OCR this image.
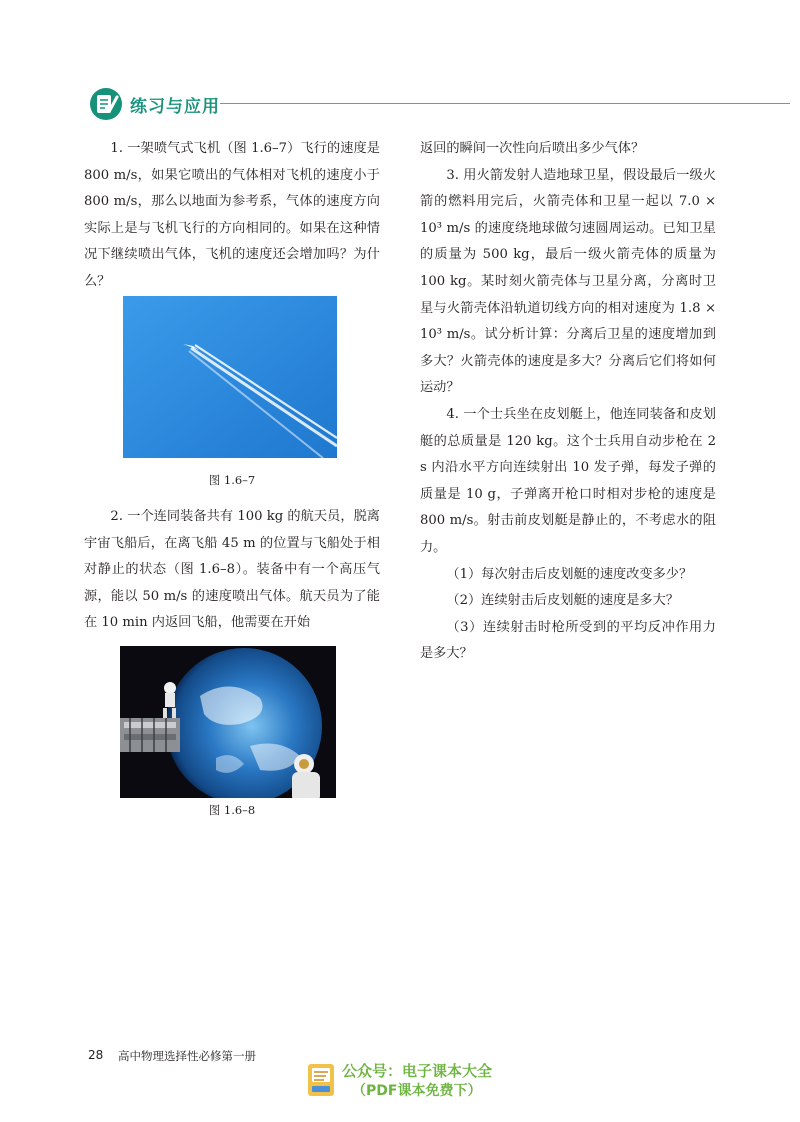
练习与应用

1. 一架喷气式飞机（图 1.6–7）飞行的速度是 800 m/s，如果它喷出的气体相对飞机的速度小于 800 m/s，那么以地面为参考系，气体的速度方向实际上是与飞机飞行的方向相同的。如果在这种情况下继续喷出气体，飞机的速度还会增加吗？为什么？

图 1.6–7

2. 一个连同装备共有 100 kg 的航天员，脱离宇宙飞船后，在离飞船 45 m 的位置与飞船处于相对静止的状态（图 1.6–8）。装备中有一个高压气源，能以 50 m/s 的速度喷出气体。航天员为了能在 10 min 内返回飞船，他需要在开始

图 1.6–8

返回的瞬间一次性向后喷出多少气体？

3. 用火箭发射人造地球卫星，假设最后一级火箭的燃料用完后，火箭壳体和卫星一起以 7.0 × 10³ m/s 的速度绕地球做匀速圆周运动。已知卫星的质量为 500 kg，最后一级火箭壳体的质量为 100 kg。某时刻火箭壳体与卫星分离，分离时卫星与火箭壳体沿轨道切线方向的相对速度为 1.8 × 10³ m/s。试分析计算：分离后卫星的速度增加到多大？火箭壳体的速度是多大？分离后它们将如何运动？

4. 一个士兵坐在皮划艇上，他连同装备和皮划艇的总质量是 120 kg。这个士兵用自动步枪在 2 s 内沿水平方向连续射出 10 发子弹，每发子弹的质量是 10 g，子弹离开枪口时相对步枪的速度是 800 m/s。射击前皮划艇是静止的，不考虑水的阻力。

（1）每次射击后皮划艇的速度改变多少？

（2）连续射击后皮划艇的速度是多大？

（3）连续射击时枪所受到的平均反冲作用力是多大？

28 高中物理选择性必修第一册
公众号：电子课本大全
（PDF课本免费下）
